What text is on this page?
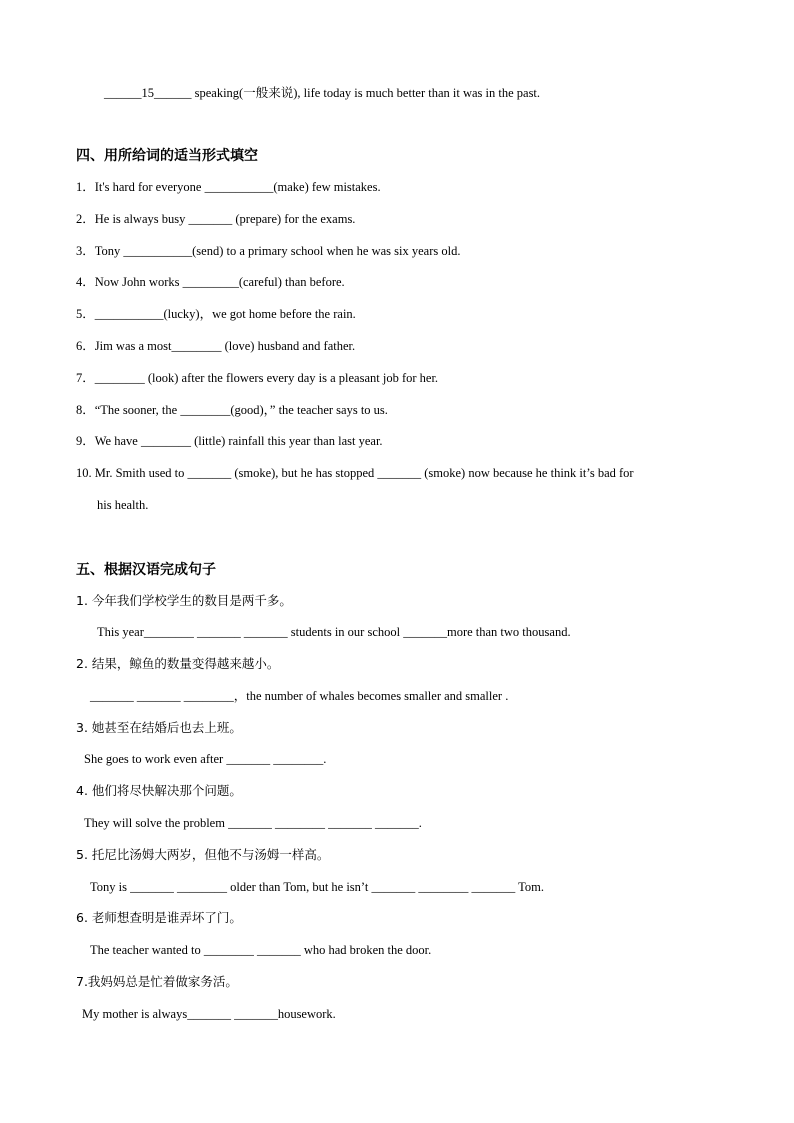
______15______ speaking(一般来说), life today is much better than it was in the past.
四、用所给词的适当形式填空
1．It's hard for everyone ___________(make) few mistakes.
2．He is always busy _______ (prepare) for the exams.
3．Tony ___________(send) to a primary school when he was six years old.
4．Now John works _________(careful) than before.
5．___________(lucky)，we got home before the rain.
6．Jim was a most________ (love) husband and father.
7．________ (look) after the flowers every day is a pleasant job for her.
8．“The sooner, the ________(good)，” the teacher says to us.
9．We have ________ (little) rainfall this year than last year.
10. Mr. Smith used to _______ (smoke), but he has stopped _______ (smoke) now because he think it’s bad for
his health.
五、根据汉语完成句子
1. 今年我们学校学生的数目是两千多。
This year________ _______ _______ students in our school _______more than two thousand.
2. 结果，鲸鱼的数量变得越来越小。
_______ _______ ________，the number of whales becomes smaller and smaller .
3. 她甚至在结婚后也去上班。
She goes to work even after _______ ________.
4. 他们将尽快解决那个问题。
They will solve the problem _______ ________ _______ _______.
5. 托尼比汤姆大两岁，但他不与汤姆一样高。
Tony is _______ ________ older than Tom, but he isn’t _______ ________ _______ Tom.
6. 老师想查明是谁弄坏了门。
The teacher wanted to ________ _______ who had broken the door.
7.我妈妈总是忙着做家务活。
My mother is always_______ _______housework.
